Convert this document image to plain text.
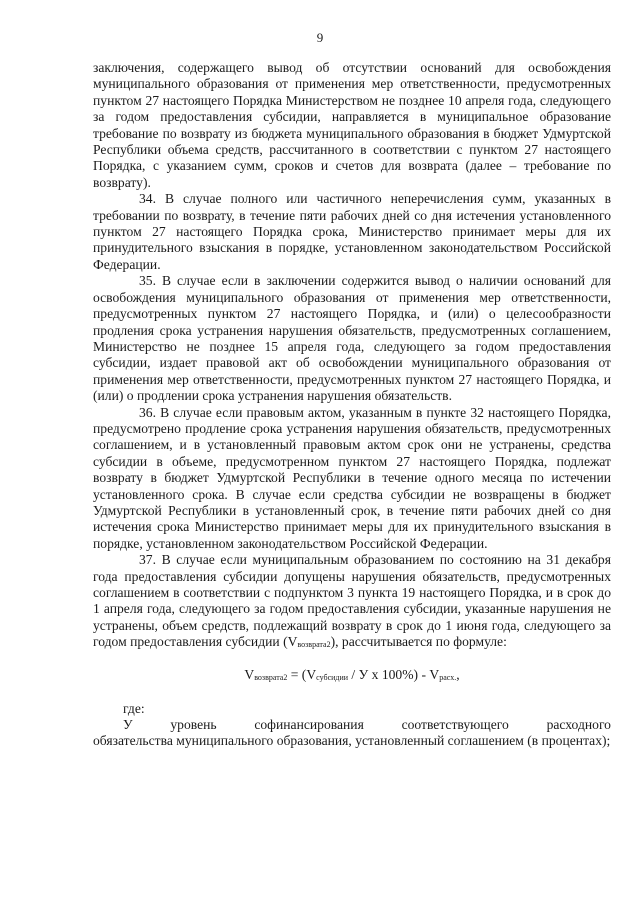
9

заключения, содержащего вывод об отсутствии оснований для освобождения муниципального образования от применения мер ответственности, предусмотренных пунктом 27 настоящего Порядка Министерством не позднее 10 апреля года, следующего за годом предоставления субсидии, направляется в муниципальное образование требование по возврату из бюджета муниципального образования в бюджет Удмуртской Республики объема средств, рассчитанного в соответствии с пунктом 27 настоящего Порядка, с указанием сумм, сроков и счетов для возврата (далее – требование по возврату).

34. В случае полного или частичного неперечисления сумм, указанных в требовании по возврату, в течение пяти рабочих дней со дня истечения установленного пунктом 27 настоящего Порядка срока, Министерство принимает меры для их принудительного взыскания в порядке, установленном законодательством Российской Федерации.

35. В случае если в заключении содержится вывод о наличии оснований для освобождения муниципального образования от применения мер ответственности, предусмотренных пунктом 27 настоящего Порядка, и (или) о целесообразности продления срока устранения нарушения обязательств, предусмотренных соглашением, Министерство не позднее 15 апреля года, следующего за годом предоставления субсидии, издает правовой акт об освобождении муниципального образования от применения мер ответственности, предусмотренных пунктом 27 настоящего Порядка, и (или) о продлении срока устранения нарушения обязательств.

36. В случае если правовым актом, указанным в пункте 32 настоящего Порядка, предусмотрено продление срока устранения нарушения обязательств, предусмотренных соглашением, и в установленный правовым актом срок они не устранены, средства субсидии в объеме, предусмотренном пунктом 27 настоящего Порядка, подлежат возврату в бюджет Удмуртской Республики в течение одного месяца по истечении установленного срока. В случае если средства субсидии не возвращены в бюджет Удмуртской Республики в установленный срок, в течение пяти рабочих дней со дня истечения срока Министерство принимает меры для их принудительного взыскания в порядке, установленном законодательством Российской Федерации.

37. В случае если муниципальным образованием по состоянию на 31 декабря года предоставления субсидии допущены нарушения обязательств, предусмотренных соглашением в соответствии с подпунктом 3 пункта 19 настоящего Порядка, и в срок до 1 апреля года, следующего за годом предоставления субсидии, указанные нарушения не устранены, объем средств, подлежащий возврату в срок до 1 июня года, следующего за годом предоставления субсидии (Vвозврата2), рассчитывается по формуле:

$V_{возврата2} = (V_{субсидии} / У$ х $100\%) - V_{расх.}$,

где:

У	уровень	софинансирования	соответствующего	расходного

обязательства муниципального образования, установленный соглашением (в процентах);
